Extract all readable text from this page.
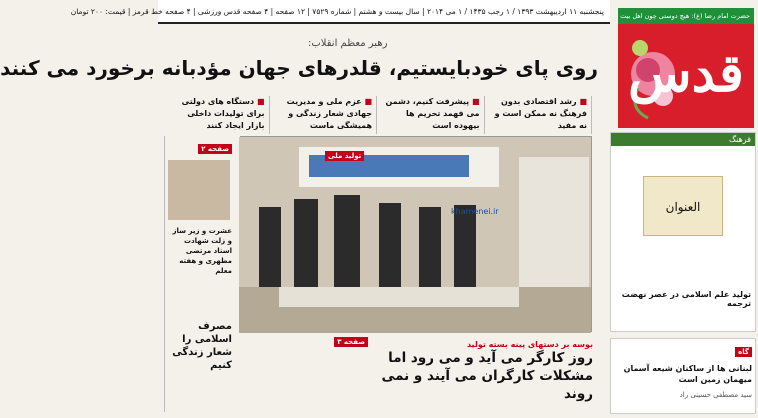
پنجشنبه ۱۱ اردیبهشت ۱۳۹۳ / ۱ رجب ۱۴۳۵ / ۱ می ۲۰۱۴ | سال بیست و هشتم | شماره ۷۵۲۹ | ۱۲ صفحه | ۴ صفحه قدس ورزشی | ۴ صفحه خط قرمز | قیمت: ۲۰۰ تومان	حضرت امام رضا (ع): هیچ دوستی چون اهل بیت
قدس
رهبر معظم انقلاب:
روی پای خودبایستیم، قلدرهای جهان مؤدبانه برخورد می کنند
■ رشد اقتصادی بدون فرهنگ نه ممکن است و نه مفید
■ پیشرفت کنیم، دشمن می فهمد تحریم ها بیهوده است
■ عزم ملی و مدیریت جهادی شعار زندگی و همیشگی ماست
■ دستگاه های دولتی برای تولیدات داخلی بازار ایجاد کنند
تولید ملی
khamenei.ir
صفحه ۲
عشرت و زیر ساز و زلت شهادت استاد مرتضی مطهری و هفته معلم
مصرف اسلامی را شعار زندگی کنیم
فرهنگ
العنوان
تولید علم اسلامی در عصر نهضت ترجمه
صفحه ۳	بوسه بر دستهای پینه بسته تولید
روز کارگر می آید و می رود اما مشکلات کارگران می آیند و نمی روند
گاه
لبنانی ها از ساکنان شیعه آسمان میهمان زمین است
سید مصطفی حسینی راد
